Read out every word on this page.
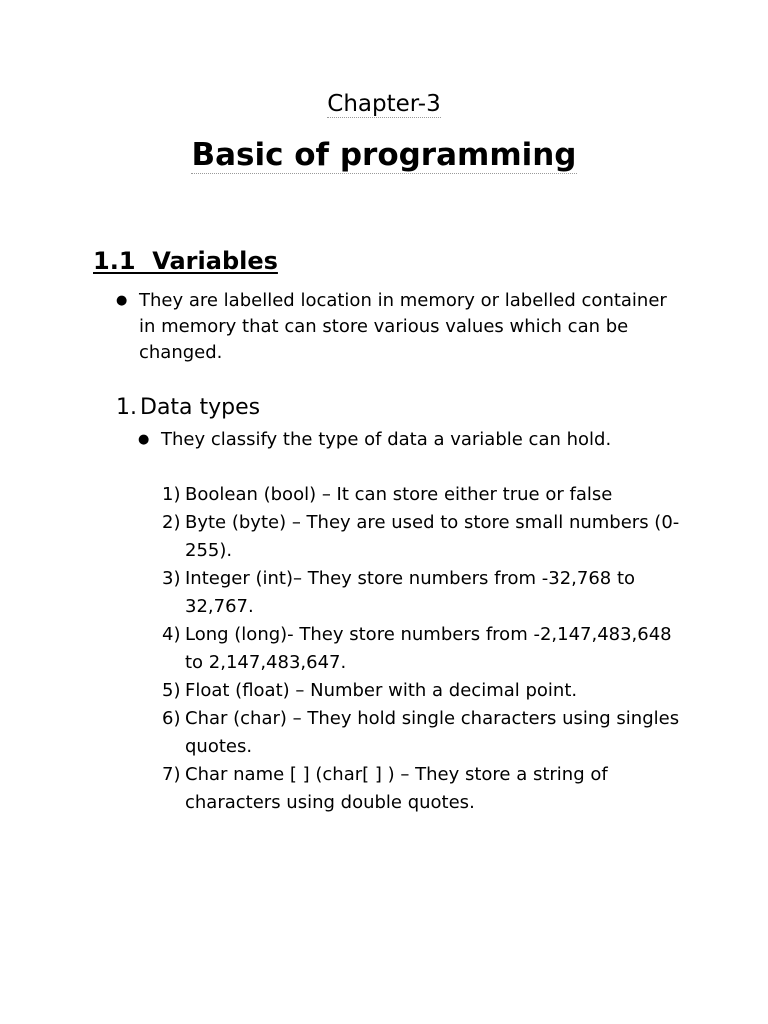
Chapter-3
Basic of programming
1.1  Variables
● They are labelled location in memory or labelled container in memory that can store various values which can be changed.
1. Data types
● They classify the type of data a variable can hold.
1) Boolean (bool) – It can store either true or false
2) Byte (byte) – They are used to store small numbers (0-255).
3) Integer (int)– They store numbers from -32,768 to 32,767.
4) Long (long)- They store numbers from -2,147,483,648 to 2,147,483,647.
5) Float (float) – Number with a decimal point.
6) Char (char) – They hold single characters using singles quotes.
7) Char name [ ] (char[ ] ) – They store a string of characters using double quotes.
